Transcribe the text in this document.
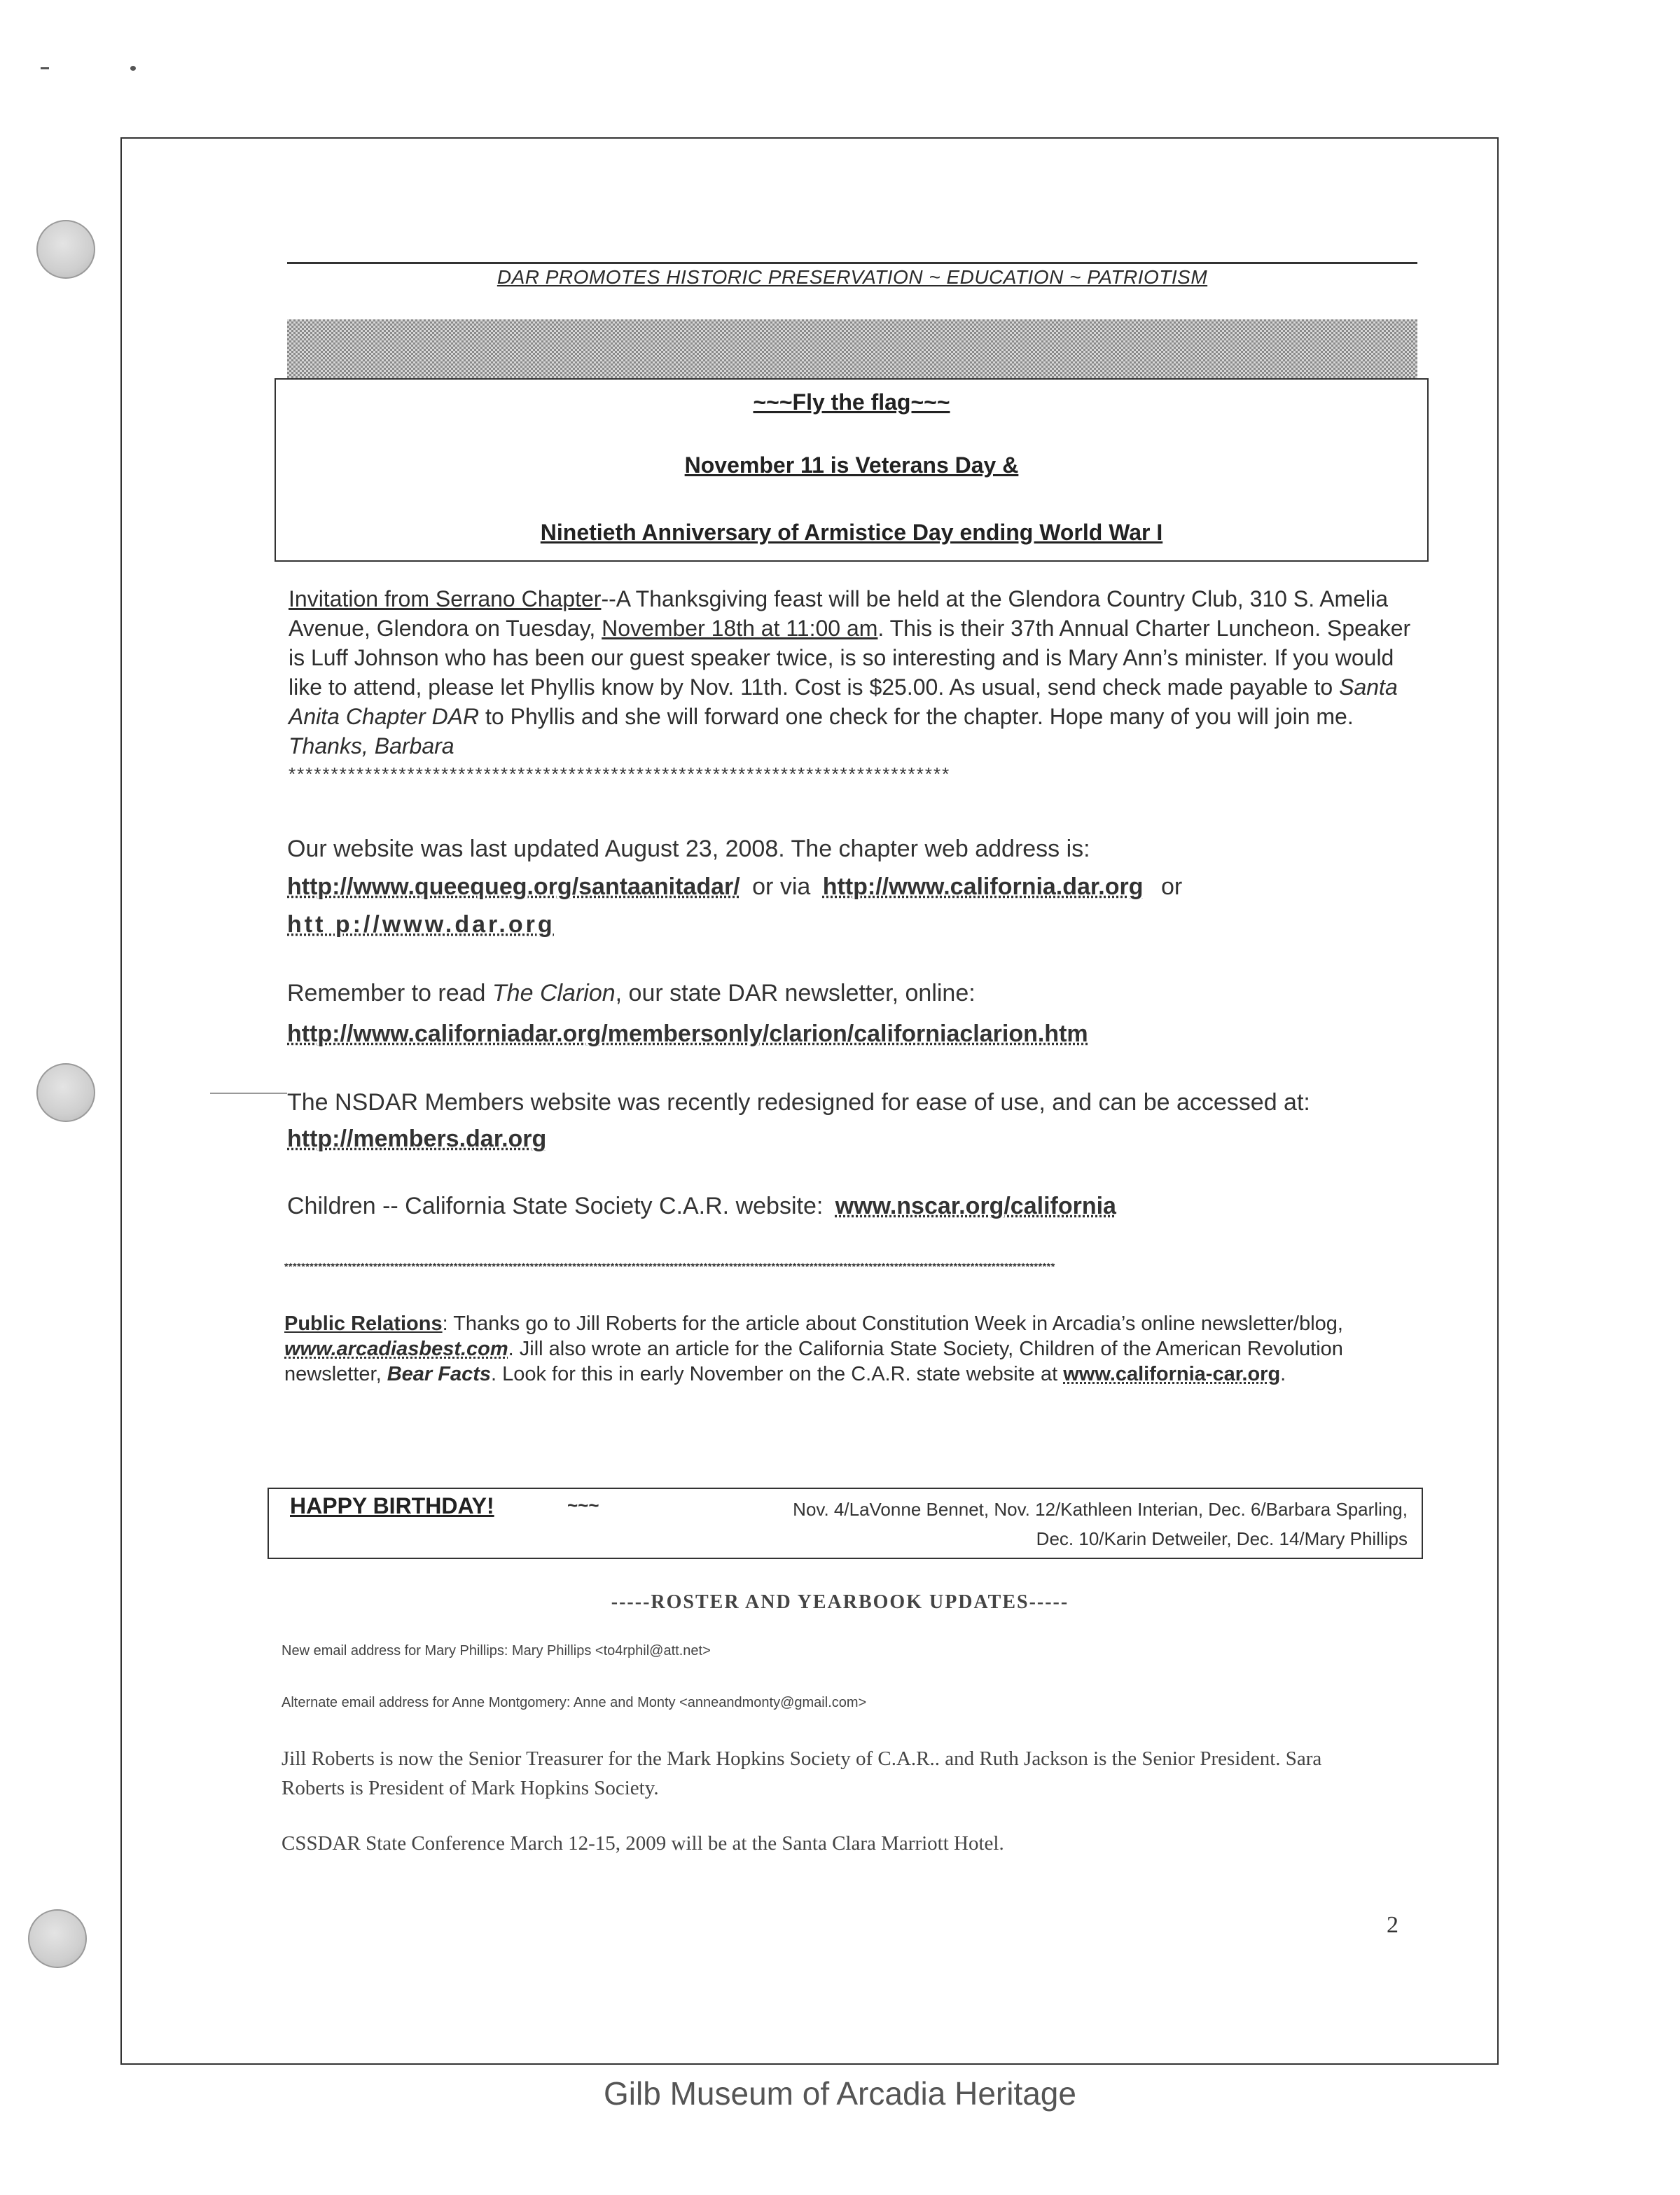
DAR PROMOTES HISTORIC PRESERVATION ~ EDUCATION ~ PATRIOTISM
~~~Fly the flag~~~
November 11 is Veterans Day &
Ninetieth Anniversary of Armistice Day ending World War I
Invitation from Serrano Chapter--A Thanksgiving feast will be held at the Glendora Country Club, 310 S. Amelia Avenue, Glendora on Tuesday, November 18th at 11:00 am. This is their 37th Annual Charter Luncheon. Speaker is Luff Johnson who has been our guest speaker twice, is so interesting and is Mary Ann’s minister. If you would like to attend, please let Phyllis know by Nov. 11th. Cost is $25.00. As usual, send check made payable to Santa Anita Chapter DAR to Phyllis and she will forward one check for the chapter. Hope many of you will join me. Thanks, Barbara
******************************************************************************
Our website was last updated August 23, 2008. The chapter web address is:
http://www.queequeg.org/santaanitadar/ or via http://www.california.dar.org or
htt p://www.dar.org
Remember to read The Clarion, our state DAR newsletter, online:
http://www.californiadar.org/membersonly/clarion/californiaclarion.htm
The NSDAR Members website was recently redesigned for ease of use, and can be accessed at:
http://members.dar.org
Children -- California State Society C.A.R. website: www.nscar.org/california
**************************************************************************************************************************************************************************************
Public Relations: Thanks go to Jill Roberts for the article about Constitution Week in Arcadia’s online newsletter/blog, www.arcadiasbest.com. Jill also wrote an article for the California State Society, Children of the American Revolution newsletter, Bear Facts. Look for this in early November on the C.A.R. state website at www.california-car.org.
HAPPY BIRTHDAY!	~~~	Nov. 4/LaVonne Bennet, Nov. 12/Kathleen Interian, Dec. 6/Barbara Sparling,
Dec. 10/Karin Detweiler, Dec. 14/Mary Phillips
-----ROSTER AND YEARBOOK UPDATES-----
New email address for Mary Phillips: Mary Phillips <to4rphil@att.net>
Alternate email address for Anne Montgomery: Anne and Monty <anneandmonty@gmail.com>
Jill Roberts is now the Senior Treasurer for the Mark Hopkins Society of C.A.R.. and Ruth Jackson is the Senior President. Sara Roberts is President of Mark Hopkins Society.
CSSDAR State Conference March 12-15, 2009 will be at the Santa Clara Marriott Hotel.
2
Gilb Museum of Arcadia Heritage
